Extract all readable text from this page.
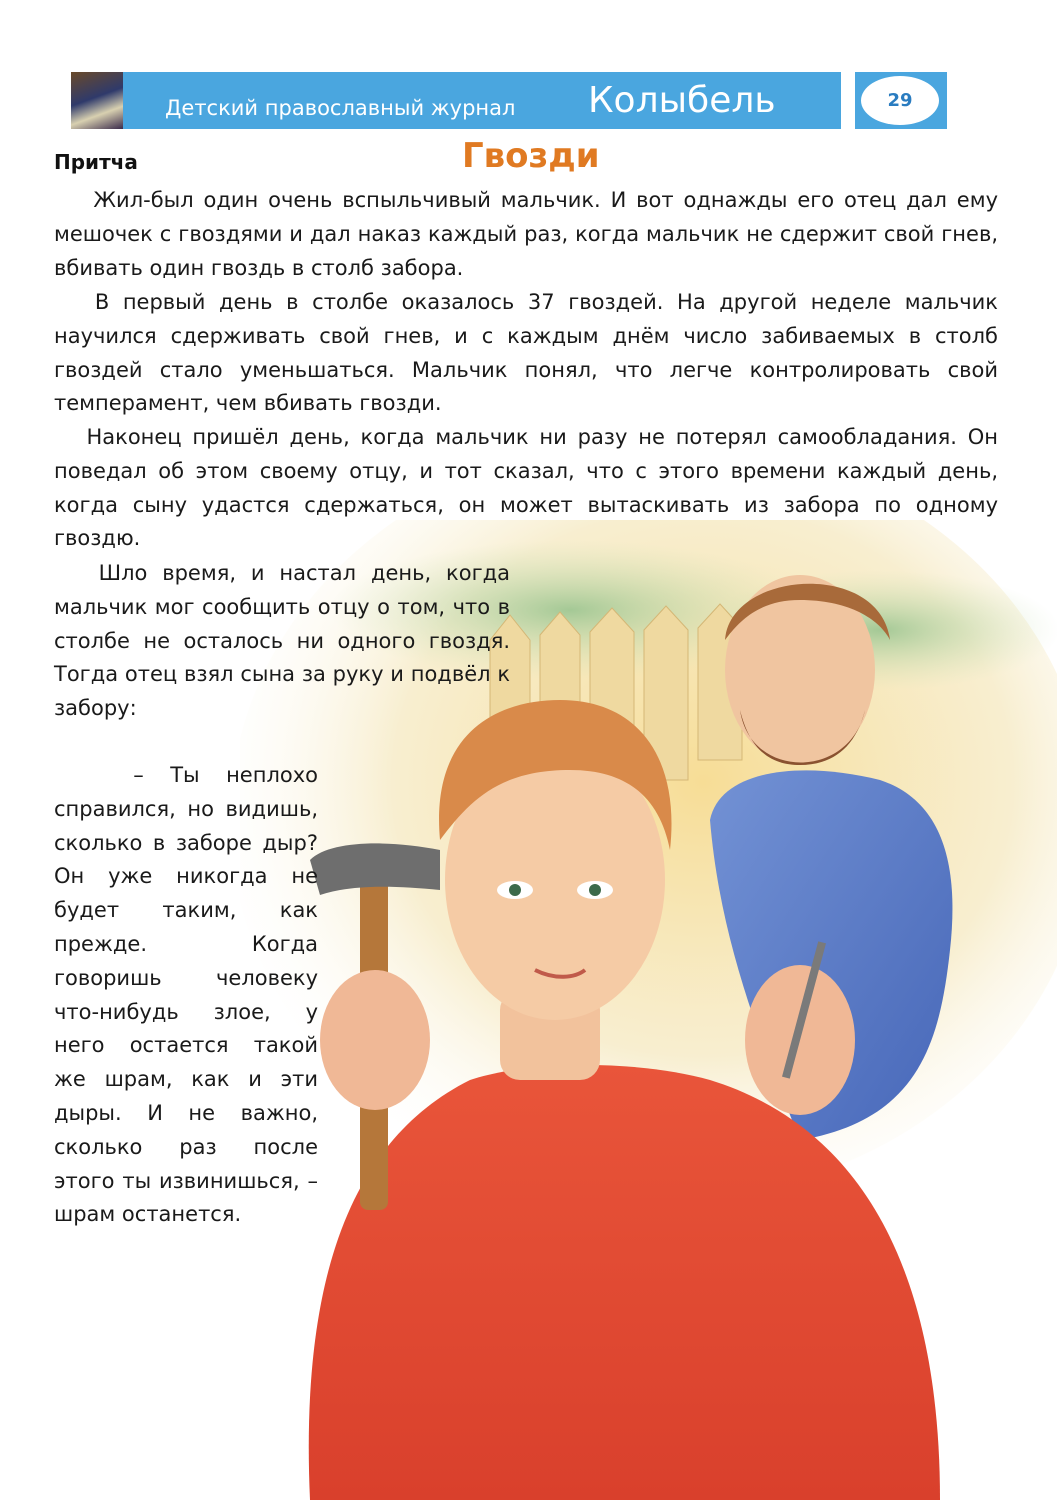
Детский православный журнал Колыбель	29
Притча	Гвозди
Жил-был один очень вспыльчивый мальчик. И вот однажды его отец дал ему мешочек с гвоздями и дал наказ каждый раз, когда мальчик не сдержит свой гнев, вбивать один гвоздь в столб забора.
В первый день в столбе оказалось 37 гвоздей. На другой неделе мальчик научился сдерживать свой гнев, и с каждым днём число забиваемых в столб гвоздей стало уменьшаться. Мальчик понял, что легче контролировать свой темперамент, чем вбивать гвозди.
Наконец пришёл день, когда мальчик ни разу не потерял самообладания. Он поведал об этом своему отцу, и тот сказал, что с этого времени каждый день, когда сыну удастся сдержаться, он может вытаскивать из забора по одному гвоздю.
Шло время, и настал день, когда мальчик мог сообщить отцу о том, что в столбе не осталось ни одного гвоздя. Тогда отец взял сына за руку и подвёл к забору:
– Ты неплохо справился, но видишь, сколько в заборе дыр? Он уже никогда не будет таким, как прежде. Когда говоришь человеку что-нибудь злое, у него остается такой же шрам, как и эти дыры. И не важно, сколько раз после этого ты извинишься, – шрам останется.
